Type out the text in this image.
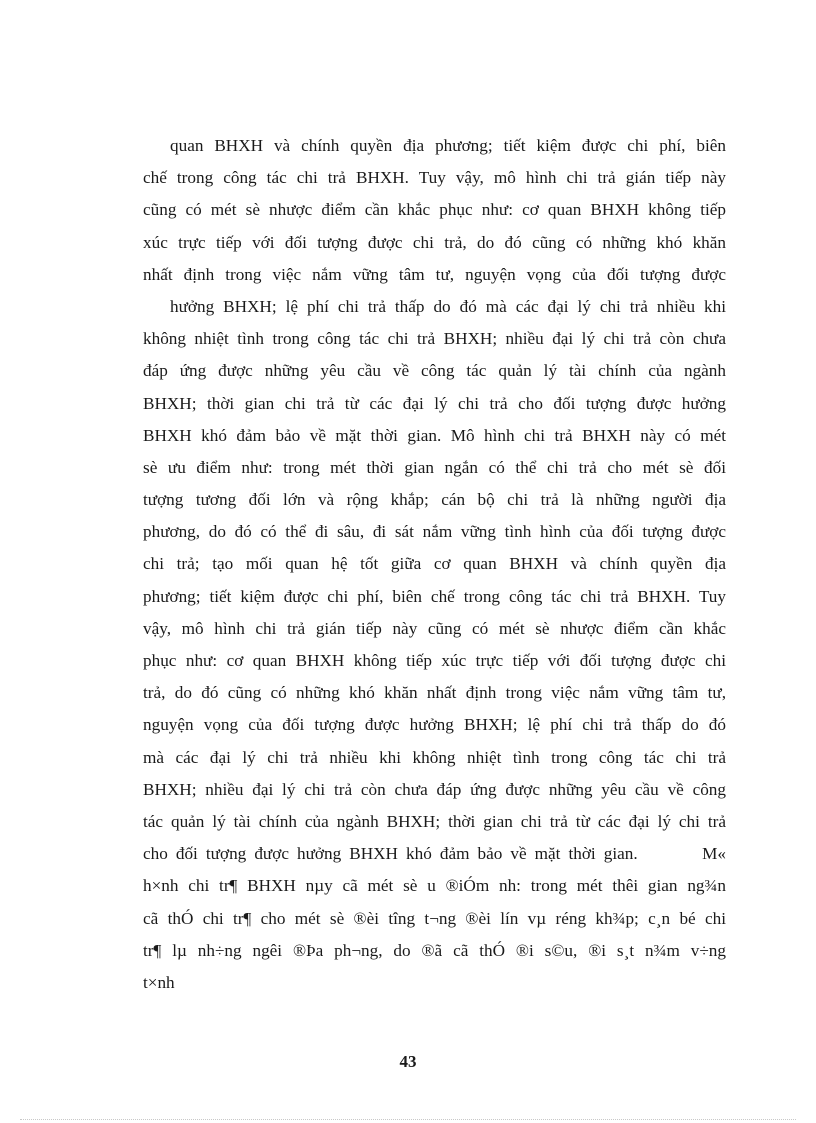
quan BHXH và chính quyền địa phương; tiết kiệm được chi phí, biên
chế trong công tác chi trả BHXH. Tuy vậy, mô hình chi trả gián tiếp này
cũng có mét sè nhược điểm cần khắc phục như: cơ quan BHXH không tiếp
xúc trực tiếp với đối tượng được chi trả, do đó cũng có những khó khăn
nhất định trong việc nắm vững tâm tư, nguyện vọng của đối tượng được
hưởng BHXH; lệ phí chi trả thấp do đó mà các đại lý chi trả nhiều khi
không nhiệt tình trong công tác chi trả BHXH; nhiều đại lý chi trả còn chưa
đáp ứng được những yêu cầu về công tác quản lý tài chính của ngành
BHXH; thời gian chi trả từ các đại lý chi trả cho đối tượng được hưởng
BHXH khó đảm bảo về mặt thời gian. Mô hình chi trả BHXH này có mét
sè ưu điểm như: trong mét thời gian ngắn có thể chi trả cho mét sè đối
tượng tương đối lớn và rộng khắp; cán bộ chi trả là những người địa
phương, do đó có thể đi sâu, đi sát nắm vững tình hình của đối tượng được
chi trả; tạo mối quan hệ tốt giữa cơ quan BHXH và chính quyền địa
phương; tiết kiệm được chi phí, biên chế trong công tác chi trả BHXH. Tuy
vậy, mô hình chi trả gián tiếp này cũng có mét sè nhược điểm cần khắc
phục như: cơ quan BHXH không tiếp xúc trực tiếp với đối tượng được chi
trả, do đó cũng có những khó khăn nhất định trong việc nắm vững tâm tư,
nguyện vọng của đối tượng được hưởng BHXH; lệ phí chi trả thấp do đó
mà các đại lý chi trả nhiều khi không nhiệt tình trong công tác chi trả
BHXH; nhiều đại lý chi trả còn chưa đáp ứng được những yêu cầu về công
tác quản lý tài chính của ngành BHXH; thời gian chi trả từ các đại lý chi trả
cho đối tượng được hưởng BHXH khó đảm bảo về mặt thời gian.        M«
h×nh chi tr¶ BHXH nµy cã mét sè u ®iÓm nh: trong mét thêi gian ng¾n
cã thÓ chi tr¶ cho mét sè ®èi tîng t¬ng ®èi lín vµ réng kh¾p; c¸n bé chi
tr¶ lµ nh÷ng ngêi ®Þa ph¬ng, do ®ã cã thÓ ®i s©u, ®i s¸t n¾m v÷ng
t×nh
43
